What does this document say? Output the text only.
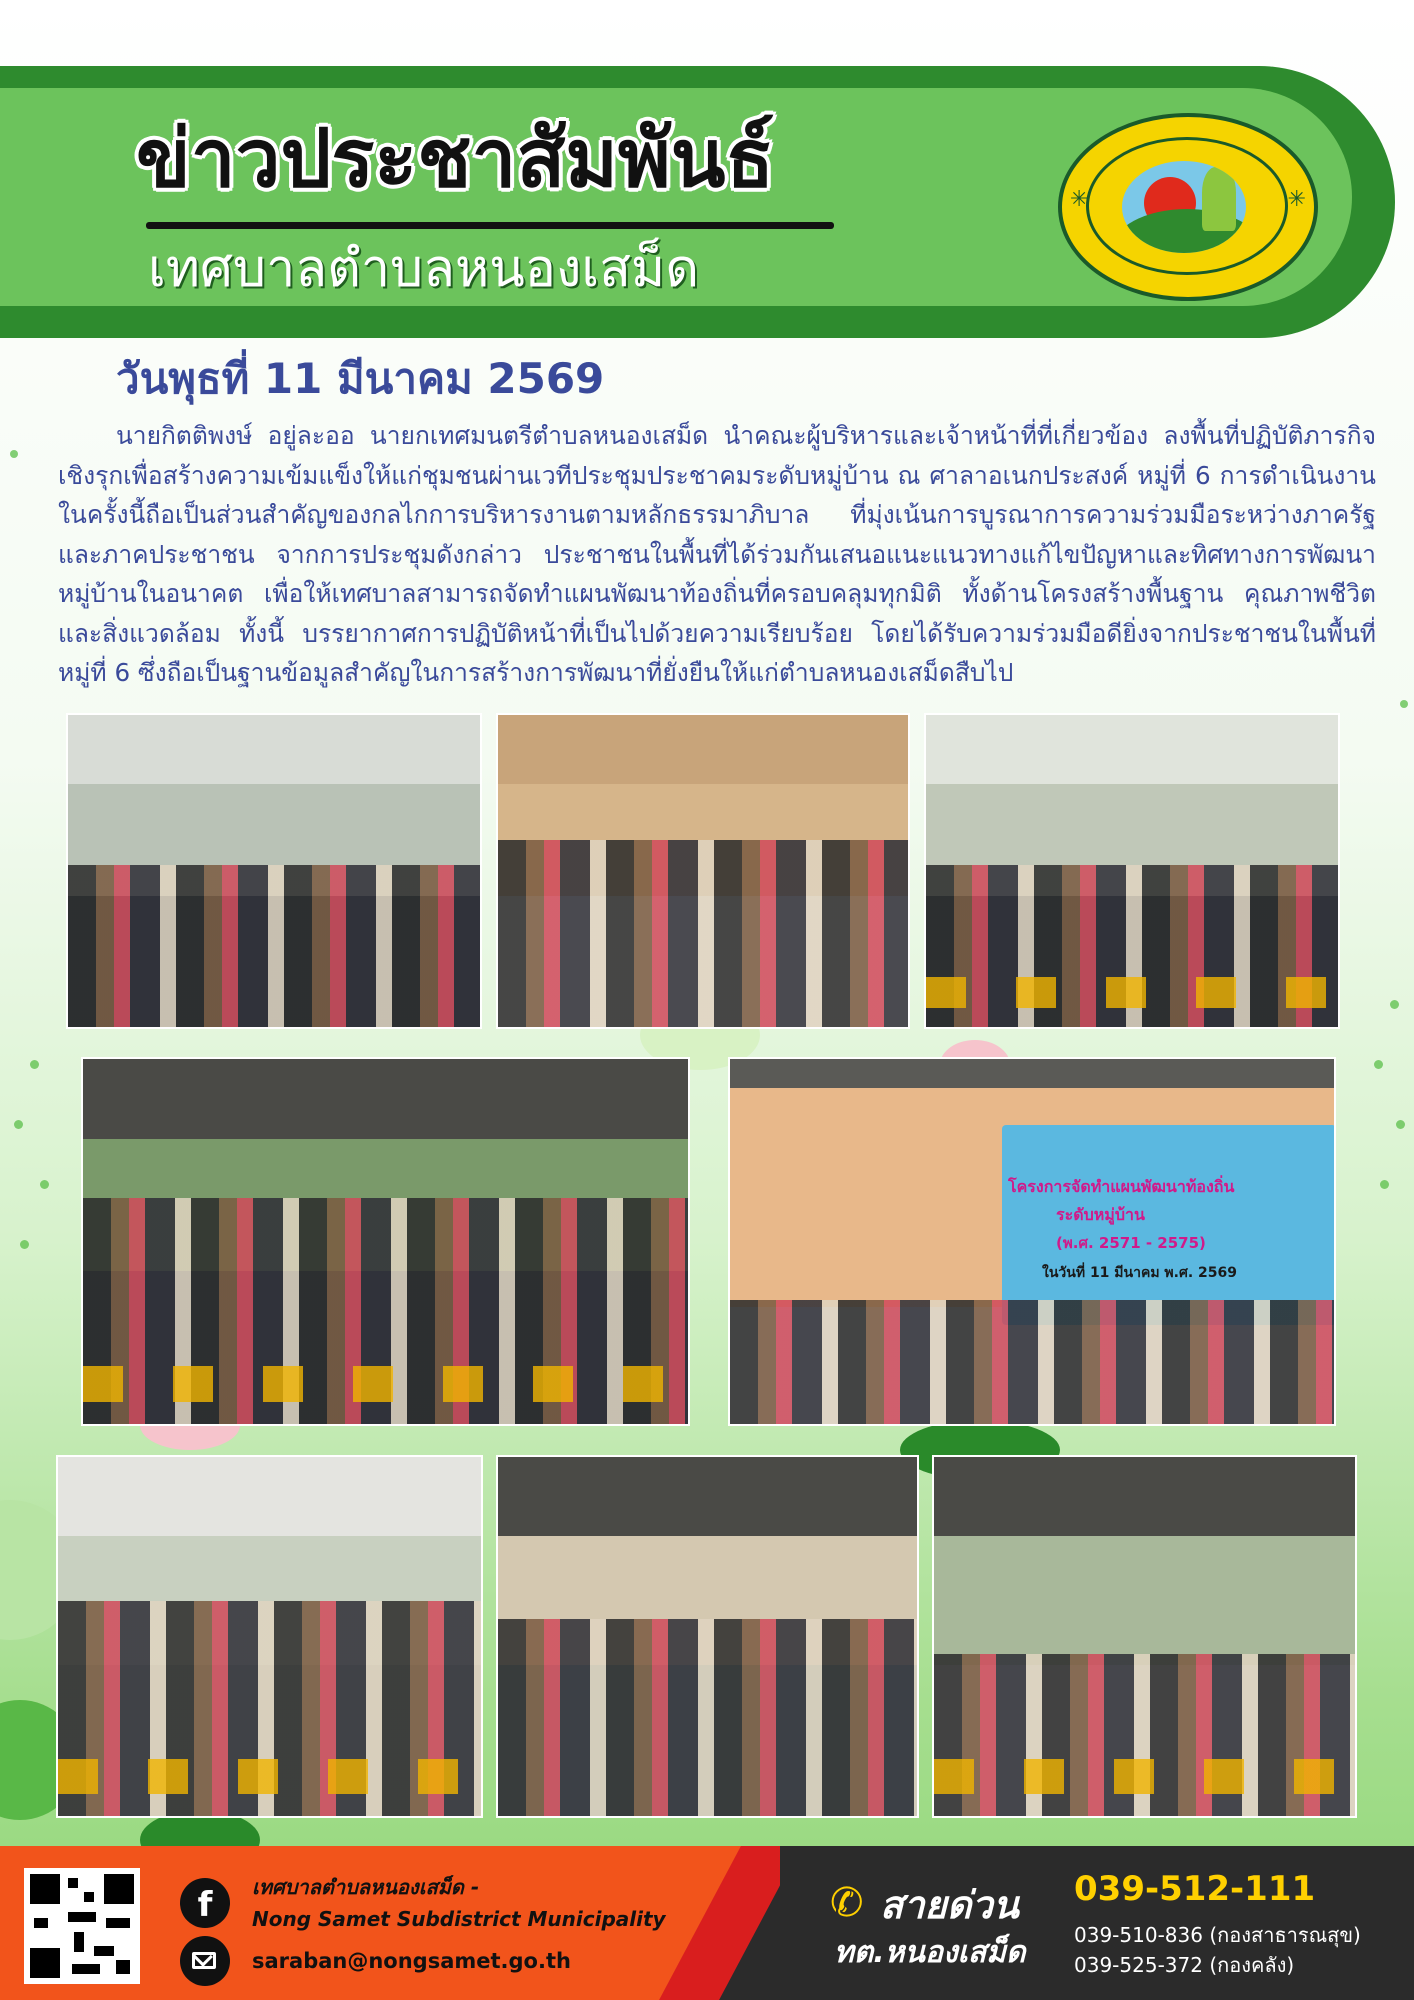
ข่าวประชาสัมพันธ์
เทศบาลตำบลหนองเสม็ด
✳	✳
วันพุธที่ 11 มีนาคม 2569
นายกิตติพงษ์ อยู่ละออ นายกเทศมนตรีตำบลหนองเสม็ด นำคณะผู้บริหารและเจ้าหน้าที่ที่เกี่ยวข้อง ลงพื้นที่ปฏิบัติภารกิจเชิงรุกเพื่อสร้างความเข้มแข็งให้แก่ชุมชนผ่านเวทีประชุมประชาคมระดับหมู่บ้าน ณ ศาลาอเนกประสงค์ หมู่ที่ 6 การดำเนินงานในครั้งนี้ถือเป็นส่วนสำคัญของกลไกการบริหารงานตามหลักธรรมาภิบาล ที่มุ่งเน้นการบูรณาการความร่วมมือระหว่างภาครัฐและภาคประชาชน จากการประชุมดังกล่าว ประชาชนในพื้นที่ได้ร่วมกันเสนอแนะแนวทางแก้ไขปัญหาและทิศทางการพัฒนาหมู่บ้านในอนาคต เพื่อให้เทศบาลสามารถจัดทำแผนพัฒนาท้องถิ่นที่ครอบคลุมทุกมิติ ทั้งด้านโครงสร้างพื้นฐาน คุณภาพชีวิต และสิ่งแวดล้อม ทั้งนี้ บรรยากาศการปฏิบัติหน้าที่เป็นไปด้วยความเรียบร้อย โดยได้รับความร่วมมือดียิ่งจากประชาชนในพื้นที่หมู่ที่ 6 ซึ่งถือเป็นฐานข้อมูลสำคัญในการสร้างการพัฒนาที่ยั่งยืนให้แก่ตำบลหนองเสม็ดสืบไป
โครงการจัดทำแผนพัฒนาท้องถิ่น
ระดับหมู่บ้าน
(พ.ศ. 2571 - 2575)
ในวันที่ 11 มีนาคม พ.ศ. 2569
f	เทศบาลตำบลหนองเสม็ด -
Nong Samet Subdistrict Municipality
saraban@nongsamet.go.th
✆ สายด่วน
ทต.หนองเสม็ด
039-512-111
039-510-836 (กองสาธารณสุข)
039-525-372 (กองคลัง)
